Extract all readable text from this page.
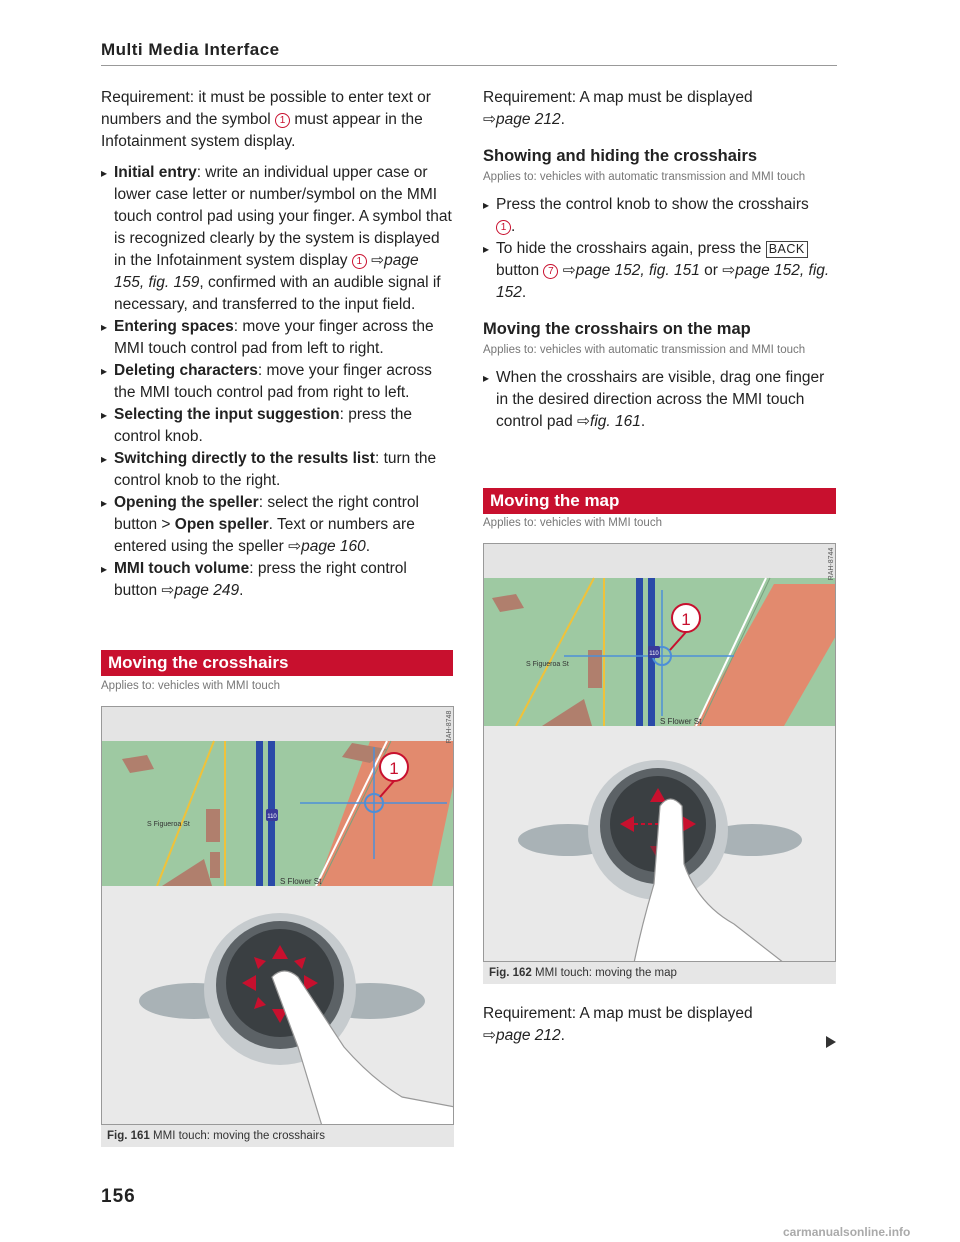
Multi Media Interface

Requirement: it must be possible to enter text or numbers and the symbol 1 must appear in the Infotainment system display.

▸ Initial entry: write an individual upper case or lower case letter or number/symbol on the MMI touch control pad using your finger. A symbol that is recognized clearly by the system is displayed in the Infotainment system display 1 ⇨page 155, fig. 159, confirmed with an audible signal if necessary, and transferred to the input field.
▸ Entering spaces: move your finger across the MMI touch control pad from left to right.
▸ Deleting characters: move your finger across the MMI touch control pad from right to left.
▸ Selecting the input suggestion: press the control knob.
▸ Switching directly to the results list: turn the control knob to the right.
▸ Opening the speller: select the right control button > Open speller. Text or numbers are entered using the speller ⇨page 160.
▸ MMI touch volume: press the right control button ⇨page 249.
Moving the crosshairs
Applies to: vehicles with MMI touch
110
S Figueroa St
S Flower St
1
RAH-8748
Fig. 161 MMI touch: moving the crosshairs

Requirement: A map must be displayed
⇨page 212.

Showing and hiding the crosshairs
Applies to: vehicles with automatic transmission and MMI touch
▸ Press the control knob to show the crosshairs
1 .
▸ To hide the crosshairs again, press the BACK button 7 ⇨page 152, fig. 151 or ⇨page 152, fig. 152.
Moving the crosshairs on the map
Applies to: vehicles with automatic transmission and MMI touch
▸ When the crosshairs are visible, drag one finger in the desired direction across the MMI touch control pad ⇨fig. 161.
Moving the map
Applies to: vehicles with MMI touch
110
S Figueroa St
S Flower St
1
RAH-8744
Fig. 162 MMI touch: moving the map

Requirement: A map must be displayed
⇨page 212.

156
carmanualsonline.info
